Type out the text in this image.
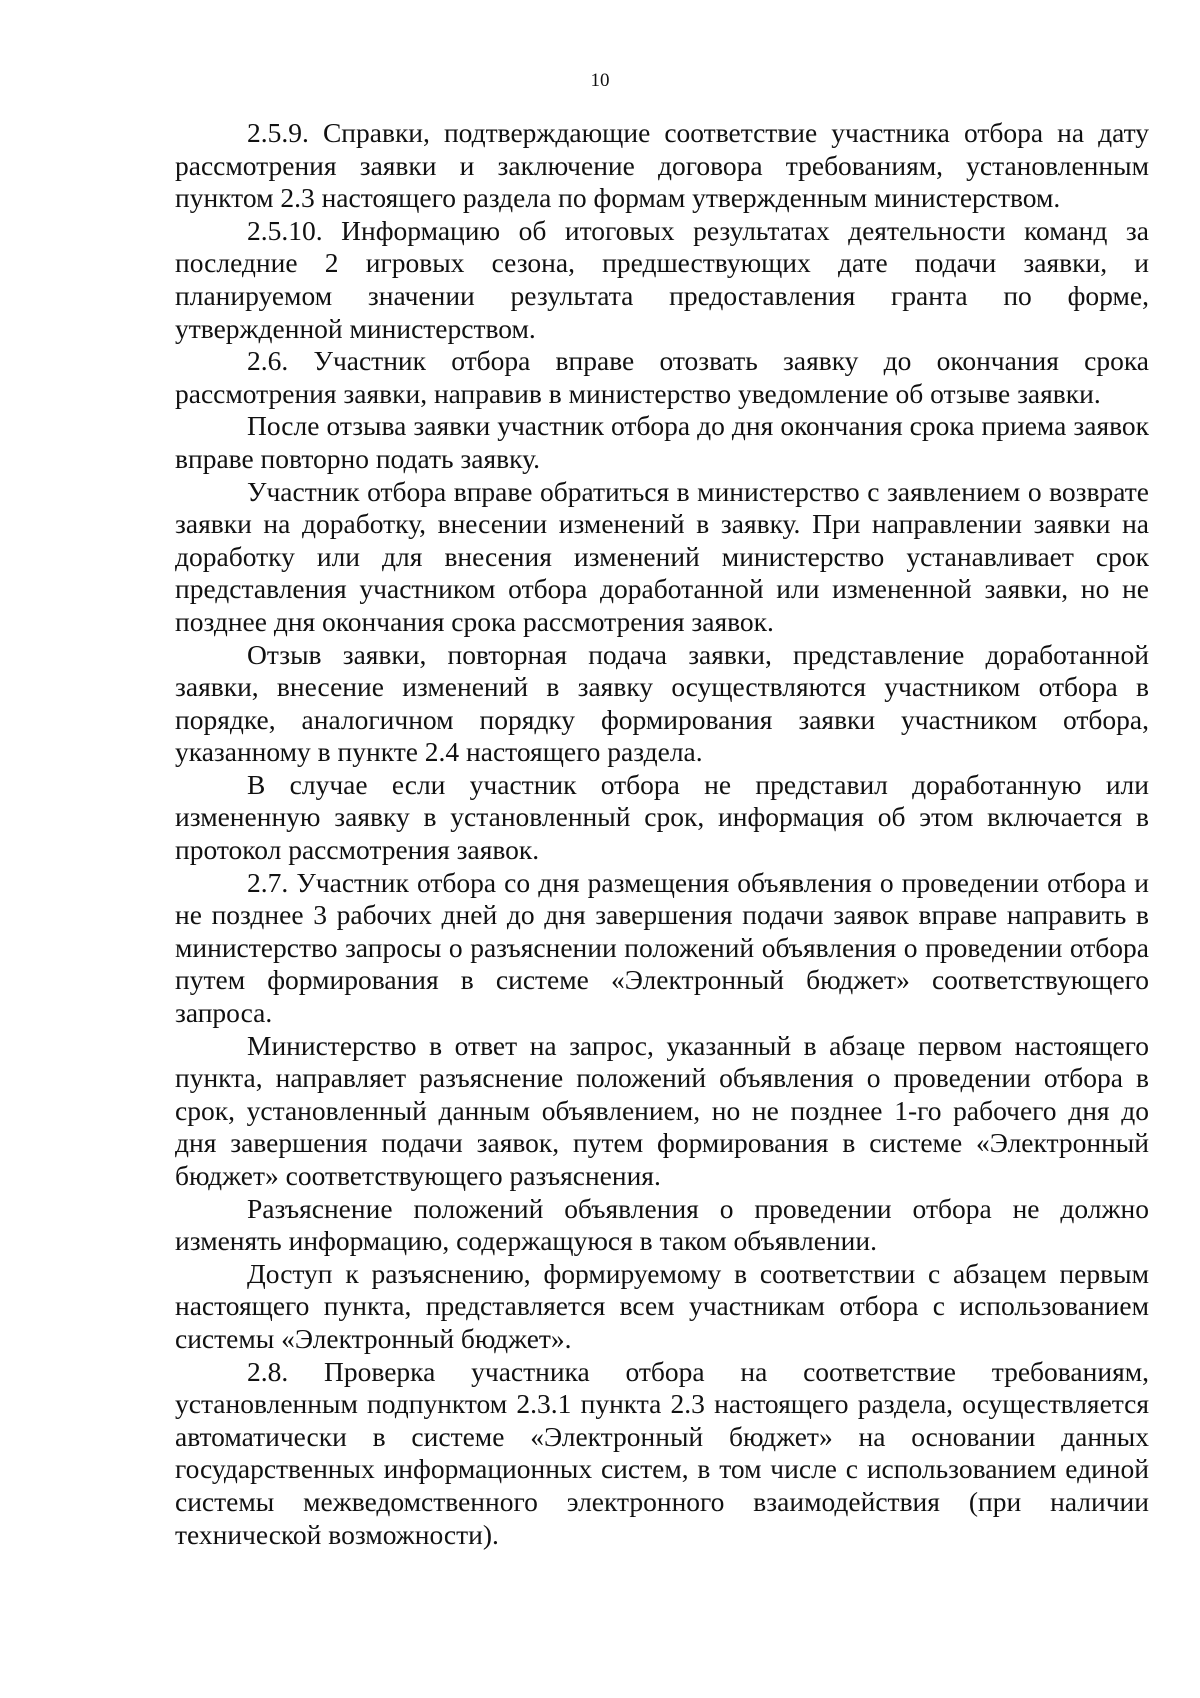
10

2.5.9. Справки, подтверждающие соответствие участника отбора на дату рассмотрения заявки и заключение договора требованиям, установленным пунктом 2.3 настоящего раздела по формам утвержденным министерством.

2.5.10. Информацию об итоговых результатах деятельности команд за последние 2 игровых сезона, предшествующих дате подачи заявки, и планируемом значении результата предоставления гранта по форме, утвержденной министерством.

2.6. Участник отбора вправе отозвать заявку до окончания срока рассмотрения заявки, направив в министерство уведомление об отзыве заявки.

После отзыва заявки участник отбора до дня окончания срока приема заявок вправе повторно подать заявку.

Участник отбора вправе обратиться в министерство с заявлением о возврате заявки на доработку, внесении изменений в заявку. При направлении заявки на доработку или для внесения изменений министерство устанавливает срок представления участником отбора доработанной или измененной заявки, но не позднее дня окончания срока рассмотрения заявок.

Отзыв заявки, повторная подача заявки, представление доработанной заявки, внесение изменений в заявку осуществляются участником отбора в порядке, аналогичном порядку формирования заявки участником отбора, указанному в пункте 2.4 настоящего раздела.

В случае если участник отбора не представил доработанную или измененную заявку в установленный срок, информация об этом включается в протокол рассмотрения заявок.

2.7. Участник отбора со дня размещения объявления о проведении отбора и не позднее 3 рабочих дней до дня завершения подачи заявок вправе направить в министерство запросы о разъяснении положений объявления о проведении отбора путем формирования в системе «Электронный бюджет» соответствующего запроса.

Министерство в ответ на запрос, указанный в абзаце первом настоящего пункта, направляет разъяснение положений объявления о проведении отбора в срок, установленный данным объявлением, но не позднее 1-го рабочего дня до дня завершения подачи заявок, путем формирования в системе «Электронный бюджет» соответствующего разъяснения.

Разъяснение положений объявления о проведении отбора не должно изменять информацию, содержащуюся в таком объявлении.

Доступ к разъяснению, формируемому в соответствии с абзацем первым настоящего пункта, представляется всем участникам отбора с использованием системы «Электронный бюджет».

2.8. Проверка участника отбора на соответствие требованиям, установленным подпунктом 2.3.1 пункта 2.3 настоящего раздела, осуществляется автоматически в системе «Электронный бюджет» на основании данных государственных информационных систем, в том числе с использованием единой системы межведомственного электронного взаимодействия (при наличии технической возможности).
